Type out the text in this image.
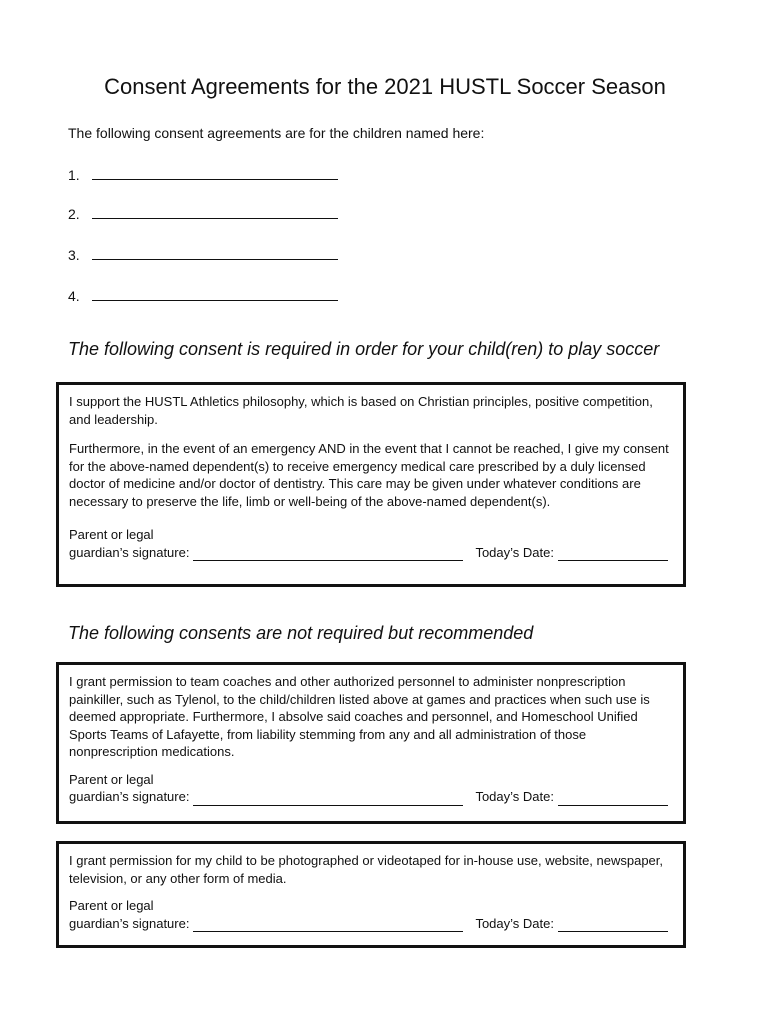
Consent Agreements for the 2021 HUSTL Soccer Season

The following consent agreements are for the children named here:

1.
2.
3.
4.
The following consent is required in order for your child(ren) to play soccer

I support the HUSTL Athletics philosophy, which is based on Christian principles, positive competition, and leadership.

Furthermore, in the event of an emergency AND in the event that I cannot be reached, I give my consent for the above-named dependent(s) to receive emergency medical care prescribed by a duly licensed doctor of medicine and/or doctor of dentistry. This care may be given under whatever conditions are necessary to preserve the life, limb or well-being of the above-named dependent(s).

Parent or legal
guardian’s signature:	Today’s Date:
The following consents are not required but recommended

I grant permission to team coaches and other authorized personnel to administer nonprescription painkiller, such as Tylenol, to the child/children listed above at games and practices when such use is deemed appropriate. Furthermore, I absolve said coaches and personnel, and Homeschool Unified Sports Teams of Lafayette, from liability stemming from any and all administration of those nonprescription medications.

Parent or legal
guardian’s signature:	Today’s Date:

I grant permission for my child to be photographed or videotaped for in-house use, website, newspaper, television, or any other form of media.

Parent or legal
guardian’s signature:	Today’s Date:
